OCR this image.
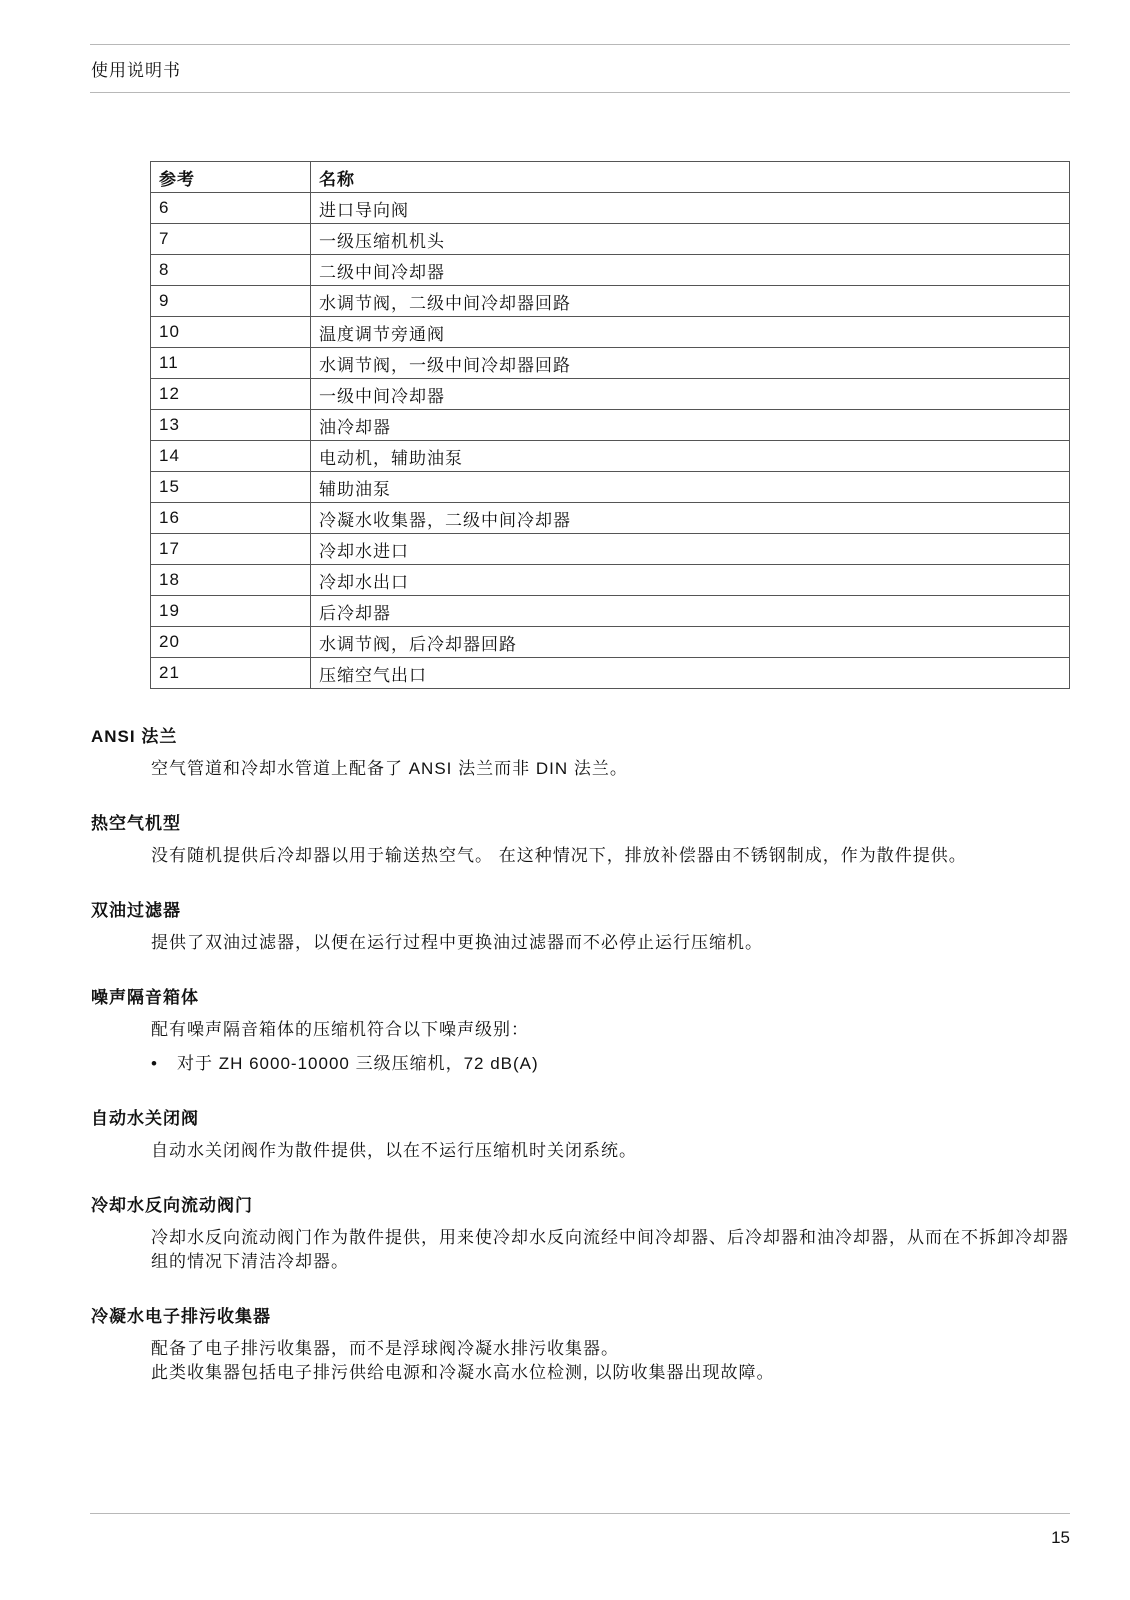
使用说明书
参考	名称
6	进口导向阀
7	一级压缩机机头
8	二级中间冷却器
9	水调节阀，二级中间冷却器回路
10	温度调节旁通阀
11	水调节阀，一级中间冷却器回路
12	一级中间冷却器
13	油冷却器
14	电动机，辅助油泵
15	辅助油泵
16	冷凝水收集器，二级中间冷却器
17	冷却水进口
18	冷却水出口
19	后冷却器
20	水调节阀，后冷却器回路
21	压缩空气出口
ANSI 法兰

空气管道和冷却水管道上配备了 ANSI 法兰而非 DIN 法兰。

热空气机型

没有随机提供后冷却器以用于输送热空气。 在这种情况下，排放补偿器由不锈钢制成，作为散件提供。

双油过滤器

提供了双油过滤器，以便在运行过程中更换油过滤器而不必停止运行压缩机。

噪声隔音箱体

配有噪声隔音箱体的压缩机符合以下噪声级别：

• 对于 ZH 6000-10000 三级压缩机，72 dB(A)
自动水关闭阀

自动水关闭阀作为散件提供，以在不运行压缩机时关闭系统。

冷却水反向流动阀门

冷却水反向流动阀门作为散件提供，用来使冷却水反向流经中间冷却器、后冷却器和油冷却器，从而在不拆卸冷却器组的情况下清洁冷却器。

冷凝水电子排污收集器

配备了电子排污收集器，而不是浮球阀冷凝水排污收集器。

此类收集器包括电子排污供给电源和冷凝水高水位检测, 以防收集器出现故障。

15
